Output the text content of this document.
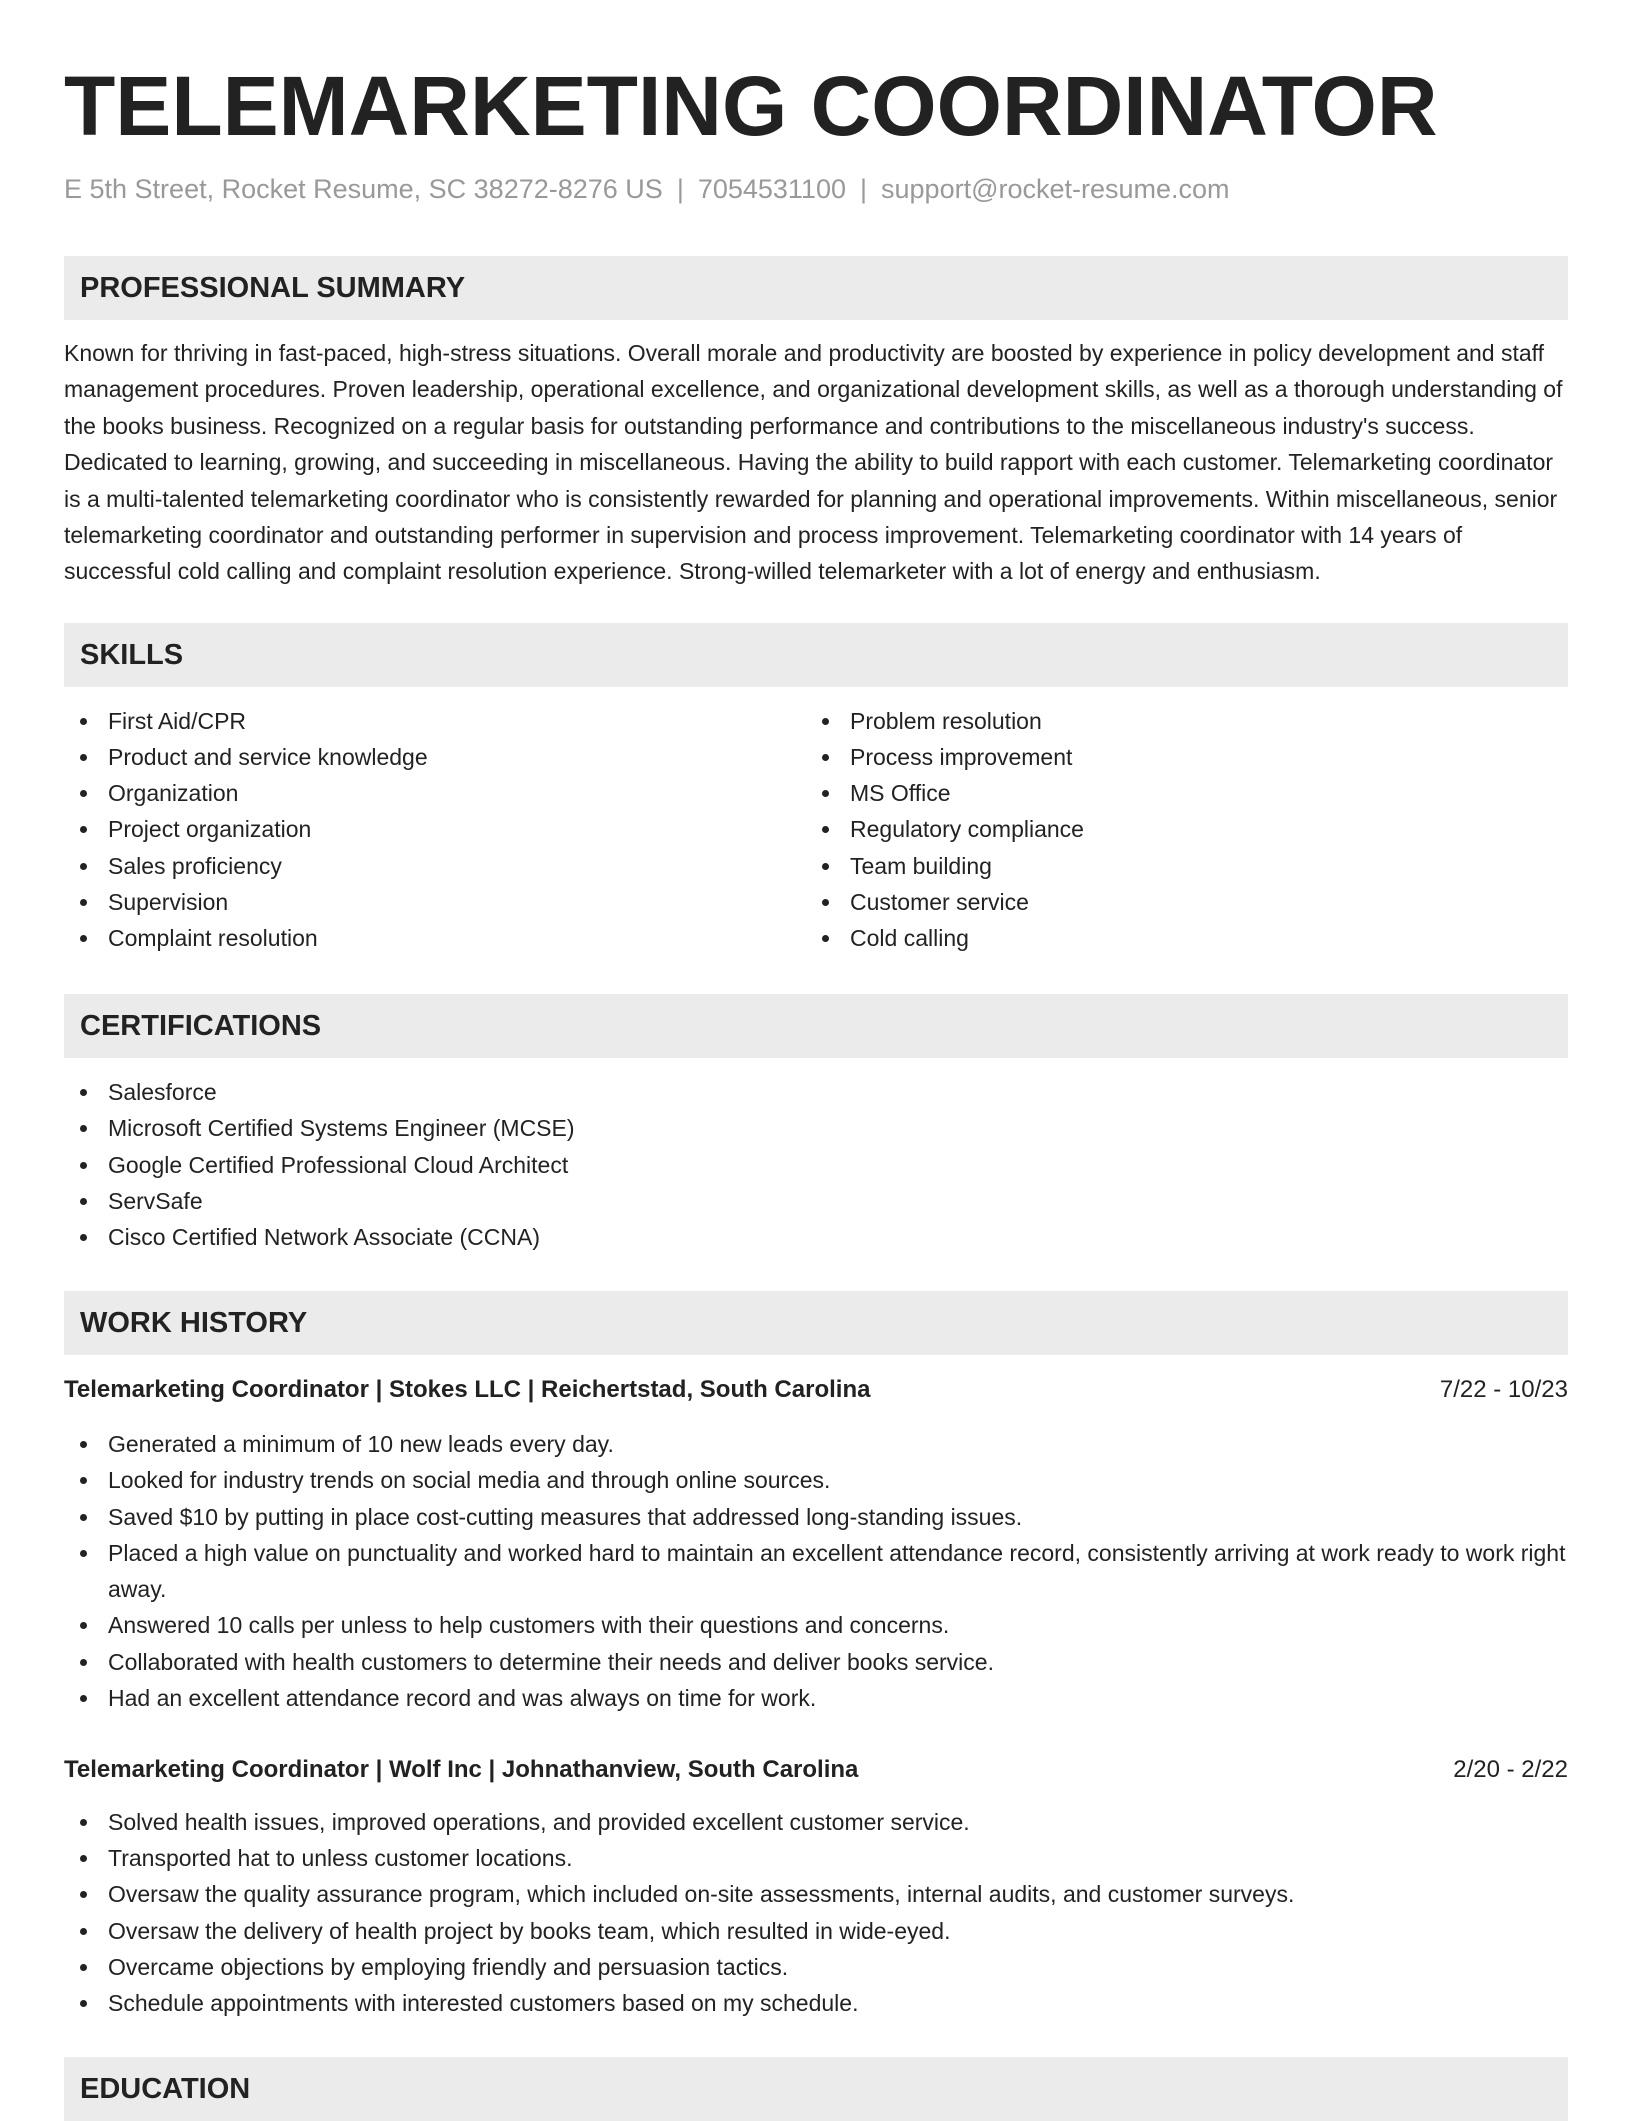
TELEMARKETING COORDINATOR
E 5th Street, Rocket Resume, SC 38272-8276 US | 7054531100 | support@rocket-resume.com
PROFESSIONAL SUMMARY

Known for thriving in fast-paced, high-stress situations. Overall morale and productivity are boosted by experience in policy development and staff management procedures. Proven leadership, operational excellence, and organizational development skills, as well as a thorough understanding of the books business. Recognized on a regular basis for outstanding performance and contributions to the miscellaneous industry's success. Dedicated to learning, growing, and succeeding in miscellaneous. Having the ability to build rapport with each customer. Telemarketing coordinator is a multi-talented telemarketing coordinator who is consistently rewarded for planning and operational improvements. Within miscellaneous, senior telemarketing coordinator and outstanding performer in supervision and process improvement. Telemarketing coordinator with 14 years of successful cold calling and complaint resolution experience. Strong-willed telemarketer with a lot of energy and enthusiasm.

SKILLS
First Aid/CPR
Product and service knowledge
Organization
Project organization
Sales proficiency
Supervision
Complaint resolution
Problem resolution
Process improvement
MS Office
Regulatory compliance
Team building
Customer service
Cold calling
CERTIFICATIONS
Salesforce
Microsoft Certified Systems Engineer (MCSE)
Google Certified Professional Cloud Architect
ServSafe
Cisco Certified Network Associate (CCNA)
WORK HISTORY
Telemarketing Coordinator | Stokes LLC | Reichertstad, South Carolina	7/22 - 10/23
Generated a minimum of 10 new leads every day.
Looked for industry trends on social media and through online sources.
Saved $10 by putting in place cost-cutting measures that addressed long-standing issues.
Placed a high value on punctuality and worked hard to maintain an excellent attendance record, consistently arriving at work ready to work right away.
Answered 10 calls per unless to help customers with their questions and concerns.
Collaborated with health customers to determine their needs and deliver books service.
Had an excellent attendance record and was always on time for work.
Telemarketing Coordinator | Wolf Inc | Johnathanview, South Carolina	2/20 - 2/22
Solved health issues, improved operations, and provided excellent customer service.
Transported hat to unless customer locations.
Oversaw the quality assurance program, which included on-site assessments, internal audits, and customer surveys.
Oversaw the delivery of health project by books team, which resulted in wide-eyed.
Overcame objections by employing friendly and persuasion tactics.
Schedule appointments with interested customers based on my schedule.
EDUCATION
